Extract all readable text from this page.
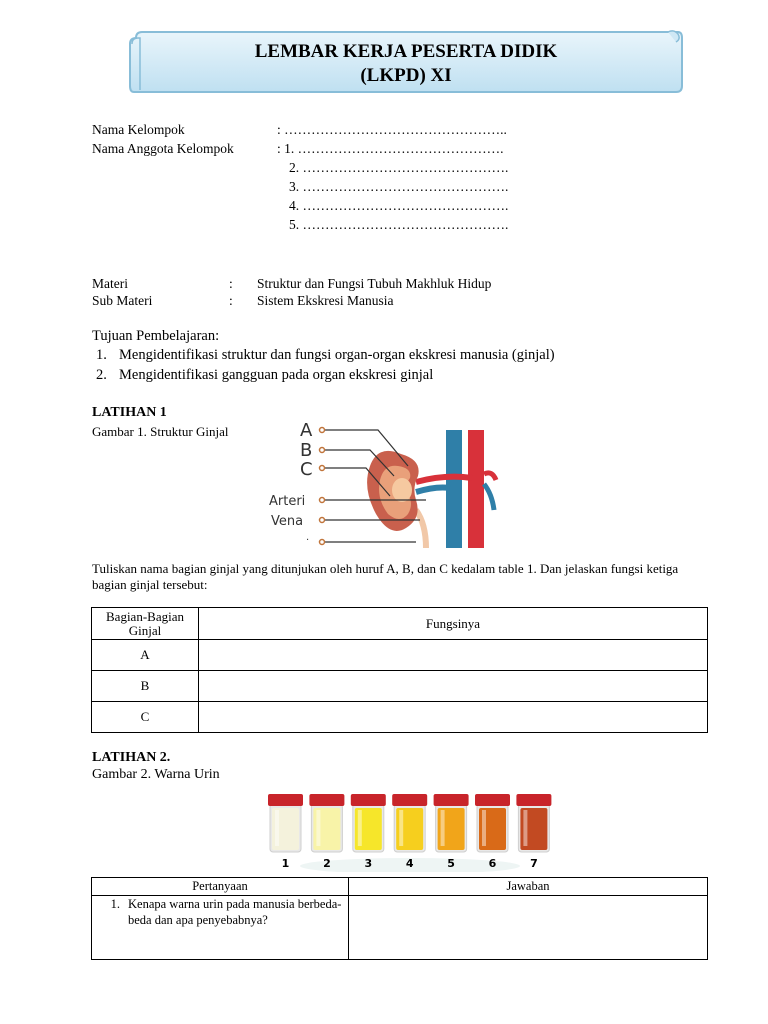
LEMBAR KERJA PESERTA DIDIK
(LKPD) XI
Nama Kelompok	: …………………………………………..
Nama Anggota Kelompok	: 1. ……………………………………….
2. ……………………………………….
3. ……………………………………….
4. ……………………………………….
5. ……………………………………….
Materi	: Struktur dan Fungsi Tubuh Makhluk Hidup
Sub Materi	: Sistem Ekskresi Manusia
Tujuan Pembelajaran:
1. Mengidentifikasi struktur dan fungsi organ-organ ekskresi manusia (ginjal)
2. Mengidentifikasi gangguan pada organ ekskresi ginjal
LATIHAN 1
Gambar 1. Struktur Ginjal	A
B
C
Arteri
Vena
.
Tuliskan nama bagian ginjal yang ditunjukan oleh huruf A, B, dan C kedalam table 1. Dan jelaskan fungsi ketiga bagian ginjal tersebut:
Bagian-Bagian Ginjal	Fungsinya
A	
B	
C	
LATIHAN 2.
Gambar 2. Warna Urin
1	2	3	4	5	6	7
Pertanyaan	Jawaban

1. Kenapa warna urin pada manusia berbeda-beda dan apa penyebabnya?	
